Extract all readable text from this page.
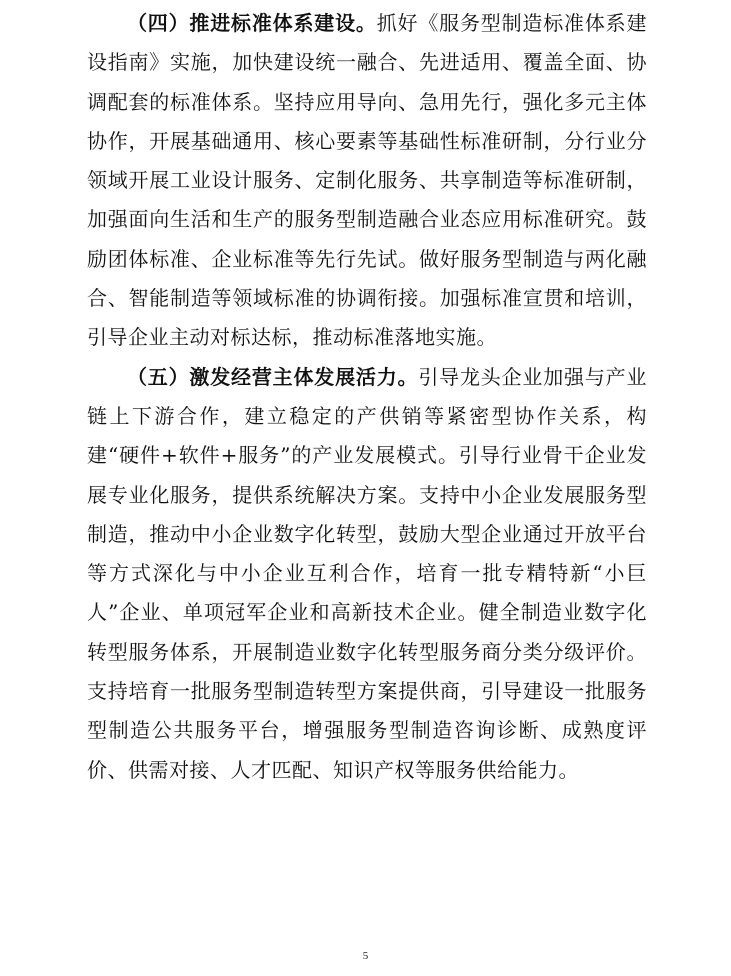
（四）推进标准体系建设。抓好《服务型制造标准体系建设指南》实施，加快建设统一融合、先进适用、覆盖全面、协调配套的标准体系。坚持应用导向、急用先行，强化多元主体协作，开展基础通用、核心要素等基础性标准研制，分行业分领域开展工业设计服务、定制化服务、共享制造等标准研制，加强面向生活和生产的服务型制造融合业态应用标准研究。鼓励团体标准、企业标准等先行先试。做好服务型制造与两化融合、智能制造等领域标准的协调衔接。加强标准宣贯和培训，引导企业主动对标达标，推动标准落地实施。

（五）激发经营主体发展活力。引导龙头企业加强与产业链上下游合作，建立稳定的产供销等紧密型协作关系，构建“硬件+软件+服务”的产业发展模式。引导行业骨干企业发展专业化服务，提供系统解决方案。支持中小企业发展服务型制造，推动中小企业数字化转型，鼓励大型企业通过开放平台等方式深化与中小企业互利合作，培育一批专精特新“小巨人”企业、单项冠军企业和高新技术企业。健全制造业数字化转型服务体系，开展制造业数字化转型服务商分类分级评价。支持培育一批服务型制造转型方案提供商，引导建设一批服务型制造公共服务平台，增强服务型制造咨询诊断、成熟度评价、供需对接、人才匹配、知识产权等服务供给能力。

5
